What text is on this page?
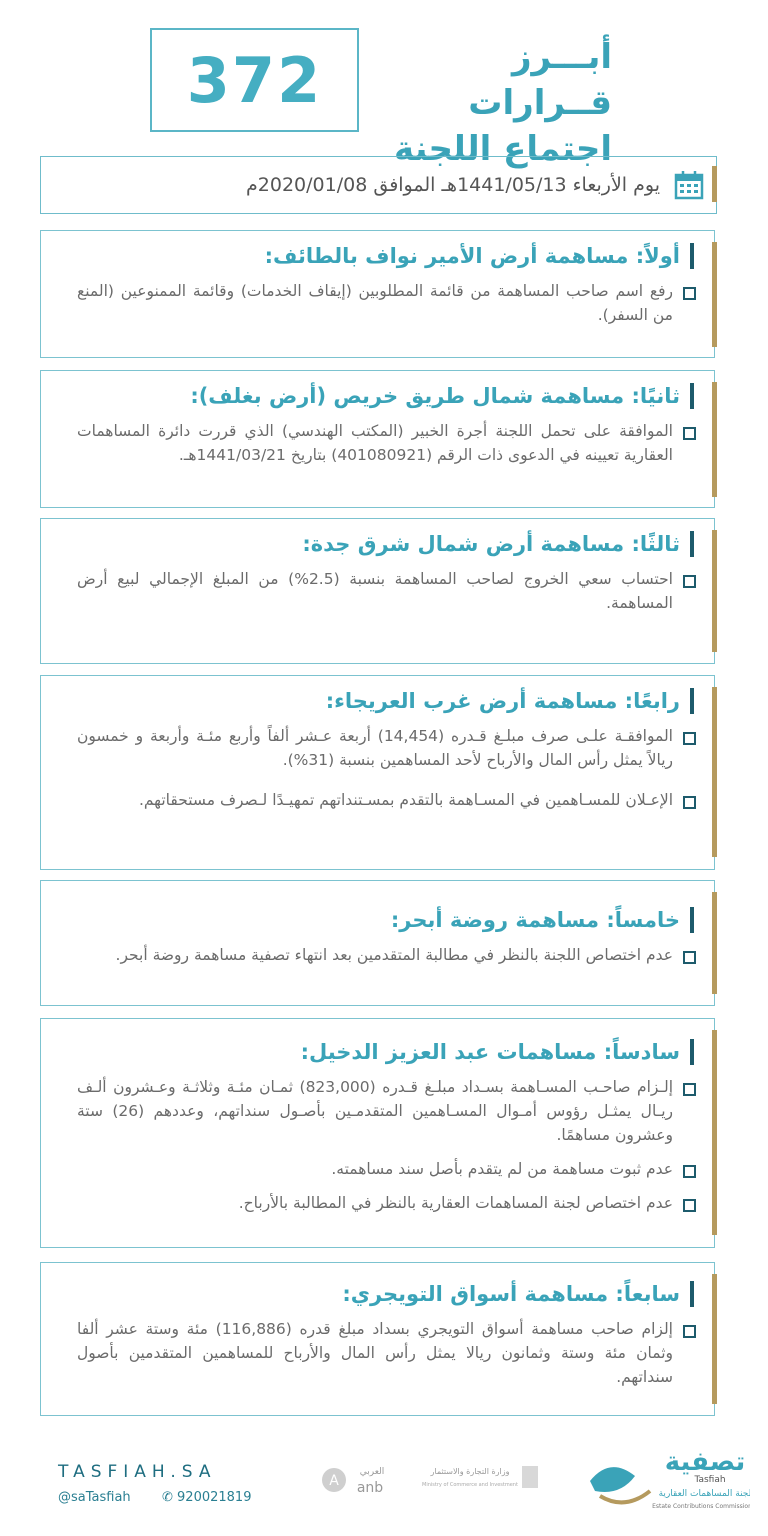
372	أبـــرز قــرارات اجتماع اللجنة
يوم الأربعاء 1441/05/13هـ الموافق 2020/01/08م
أولاً: مساهمة أرض الأمير نواف بالطائف:
رفع اسم صاحب المساهمة من قائمة المطلوبين (إيقاف الخدمات) وقائمة الممنوعين (المنع من السفر).
ثانيًا: مساهمة شمال طريق خريص (أرض بغلف):
الموافقة على تحمل اللجنة أجرة الخبير (المكتب الهندسي) الذي قررت دائرة المساهمات العقارية تعيينه في الدعوى ذات الرقم (401080921) بتاريخ 1441/03/21هـ.
ثالثًا: مساهمة أرض شمال شرق جدة:
احتساب سعي الخروج لصاحب المساهمة بنسبة (2.5%) من المبلغ الإجمالي لبيع أرض المساهمة.
رابعًا: مساهمة أرض غرب العريجاء:
الموافقـة علـى صرف مبلـغ قـدره (14,454) أربعة عـشر ألفاً وأربع مئـة وأربعة و خمسون ريالاً يمثل رأس المال والأرباح لأحد المساهمين بنسبة (31%).
الإعـلان للمسـاهمين في المسـاهمة بالتقدم بمسـتنداتهم تمهيـدًا لـصرف مستحقاتهم.
خامساً: مساهمة روضة أبحر:
عدم اختصاص اللجنة بالنظر في مطالبة المتقدمين بعد انتهاء تصفية مساهمة روضة أبحر.
سادساً: مساهمات عبد العزيز الدخيل:
إلـزام صاحـب المسـاهمة بسـداد مبلـغ قـدره (823,000) ثمـان مئـة وثلاثـة وعـشرون ألـف ريـال يمثـل رؤوس أمـوال المسـاهمين المتقدمـين بأصـول سنداتهم، وعددهم (26) ستة وعشرون مساهمًا.
عدم ثبوت مساهمة من لم يتقدم بأصل سند مساهمته.
عدم اختصاص لجنة المساهمات العقارية بالنظر في المطالبة بالأرباح.
سابعاً: مساهمة أسواق التويجري:
إلزام صاحب مساهمة أسواق التويجري بسداد مبلغ قدره (116,886) مئة وستة عشر ألفا وثمان مئة وستة وثمانون ريالا يمثل رأس المال والأرباح للمساهمين المتقدمين بأصول سنداتهم.
TASFIAH.SA
@saTasfiah ✆ 920021819
A
العربي
anb
وزارة التجارة والاستثمار
Ministry of Commerce and Investment
تصفية
Tasfiah
لجنة المساهمات العقارية
Estate Contributions Commission
